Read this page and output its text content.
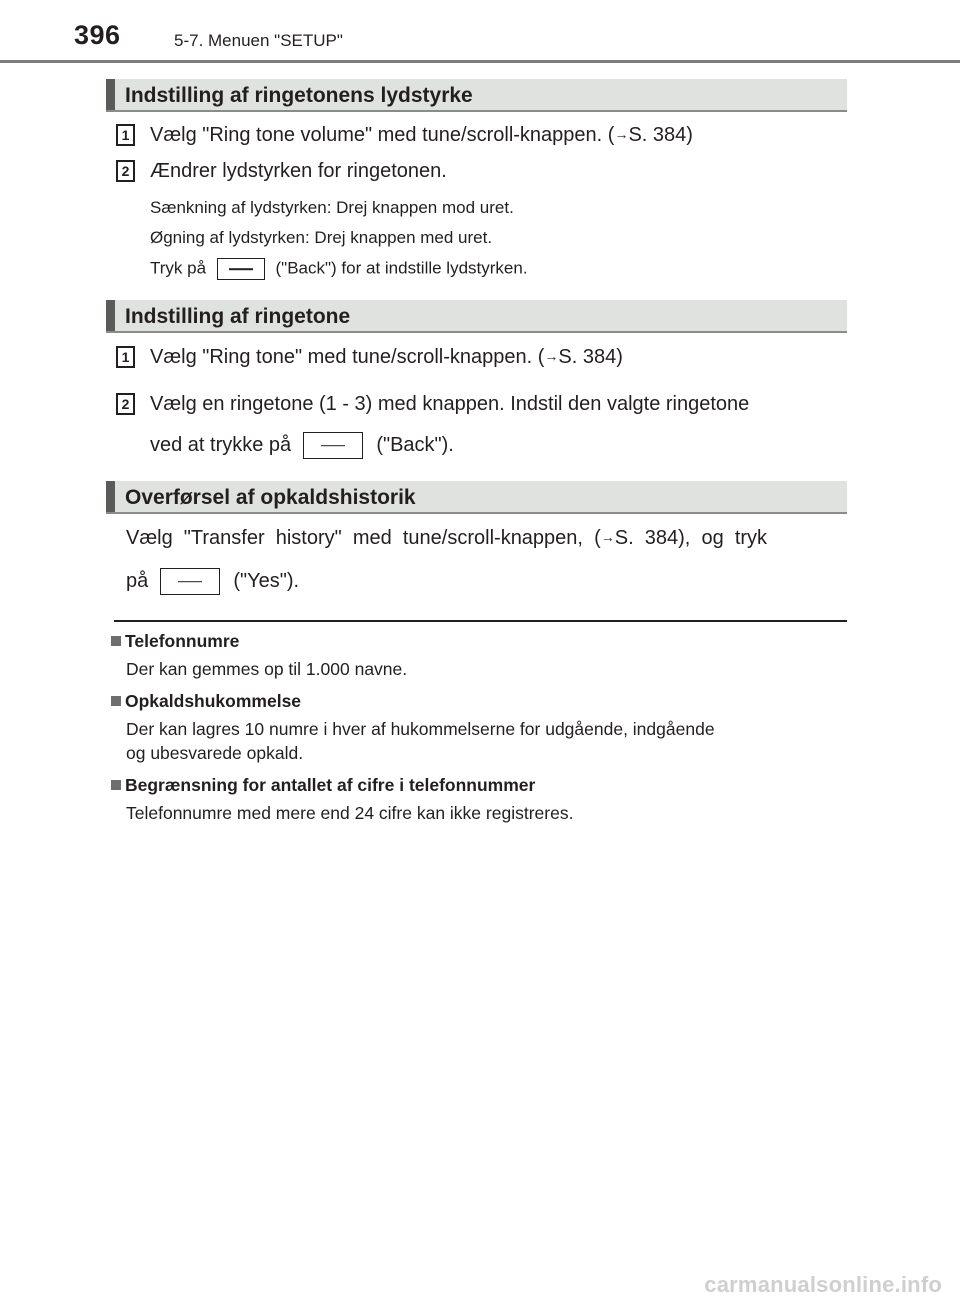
396	5-7. Menuen "SETUP"
Indstilling af ringetonens lydstyrke
1 Vælg "Ring tone volume" med tune/scroll-knappen. (→S. 384)
2 Ændrer lydstyrken for ringetonen.
Sænkning af lydstyrken: Drej knappen mod uret.
Øgning af lydstyrken: Drej knappen med uret.
Tryk på	("Back") for at indstille lydstyrken.
Indstilling af ringetone
1 Vælg "Ring tone" med tune/scroll-knappen. (→S. 384)
2 Vælg en ringetone (1 - 3) med knappen. Indstil den valgte ringetone
ved at trykke på	("Back").
Overførsel af opkaldshistorik
Vælg  "Transfer  history"  med  tune/scroll-knappen,  (→S.  384),  og  tryk
på	("Yes").
Telefonnumre
Der kan gemmes op til 1.000 navne.
Opkaldshukommelse
Der kan lagres 10 numre i hver af hukommelserne for udgående, indgående
og ubesvarede opkald.
Begrænsning for antallet af cifre i telefonnummer
Telefonnumre med mere end 24 cifre kan ikke registreres.
carmanualsonline.info
